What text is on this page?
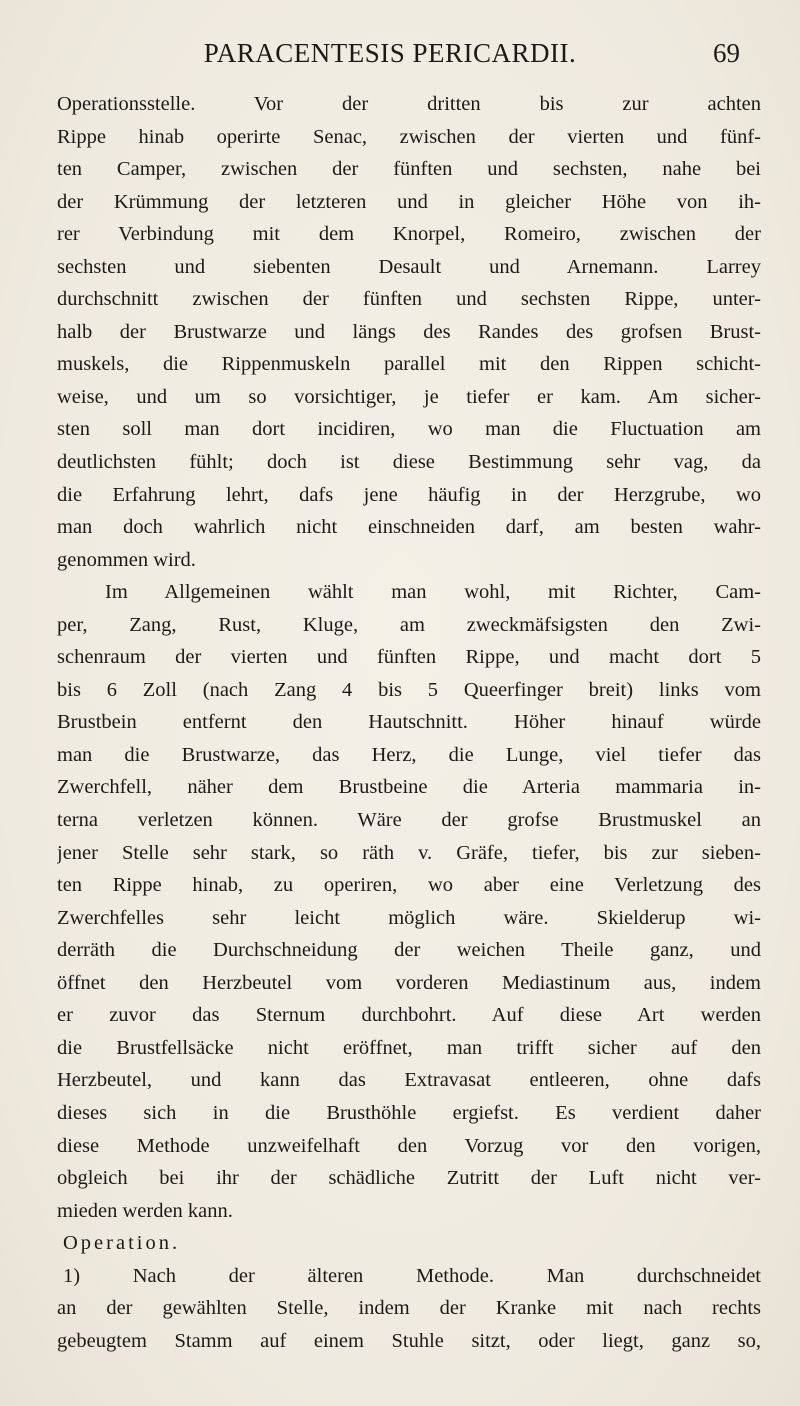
PARACENTESIS PERICARDII.	69
Operationsstelle. Vor der dritten bis zur achten
Rippe hinab operirte Senac, zwischen der vierten und fünf-
ten Camper, zwischen der fünften und sechsten, nahe bei
der Krümmung der letzteren und in gleicher Höhe von ih-
rer Verbindung mit dem Knorpel, Romeiro, zwischen der
sechsten und siebenten Desault und Arnemann. Larrey
durchschnitt zwischen der fünften und sechsten Rippe, unter-
halb der Brustwarze und längs des Randes des grofsen Brust-
muskels, die Rippenmuskeln parallel mit den Rippen schicht-
weise, und um so vorsichtiger, je tiefer er kam. Am sicher-
sten soll man dort incidiren, wo man die Fluctuation am
deutlichsten fühlt; doch ist diese Bestimmung sehr vag, da
die Erfahrung lehrt, dafs jene häufig in der Herzgrube, wo
man doch wahrlich nicht einschneiden darf, am besten wahr-
genommen wird.
Im Allgemeinen wählt man wohl, mit Richter, Cam-
per, Zang, Rust, Kluge, am zweckmäfsigsten den Zwi-
schenraum der vierten und fünften Rippe, und macht dort 5
bis 6 Zoll (nach Zang 4 bis 5 Queerfinger breit) links vom
Brustbein entfernt den Hautschnitt. Höher hinauf würde
man die Brustwarze, das Herz, die Lunge, viel tiefer das
Zwerchfell, näher dem Brustbeine die Arteria mammaria in-
terna verletzen können. Wäre der grofse Brustmuskel an
jener Stelle sehr stark, so räth v. Gräfe, tiefer, bis zur sieben-
ten Rippe hinab, zu operiren, wo aber eine Verletzung des
Zwerchfelles sehr leicht möglich wäre. Skielderup wi-
derräth die Durchschneidung der weichen Theile ganz, und
öffnet den Herzbeutel vom vorderen Mediastinum aus, indem
er zuvor das Sternum durchbohrt. Auf diese Art werden
die Brustfellsäcke nicht eröffnet, man trifft sicher auf den
Herzbeutel, und kann das Extravasat entleeren, ohne dafs
dieses sich in die Brusthöhle ergiefst. Es verdient daher
diese Methode unzweifelhaft den Vorzug vor den vorigen,
obgleich bei ihr der schädliche Zutritt der Luft nicht ver-
mieden werden kann.
Operation.
1) Nach der älteren Methode. Man durchschneidet
an der gewählten Stelle, indem der Kranke mit nach rechts
gebeugtem Stamm auf einem Stuhle sitzt, oder liegt, ganz so,
